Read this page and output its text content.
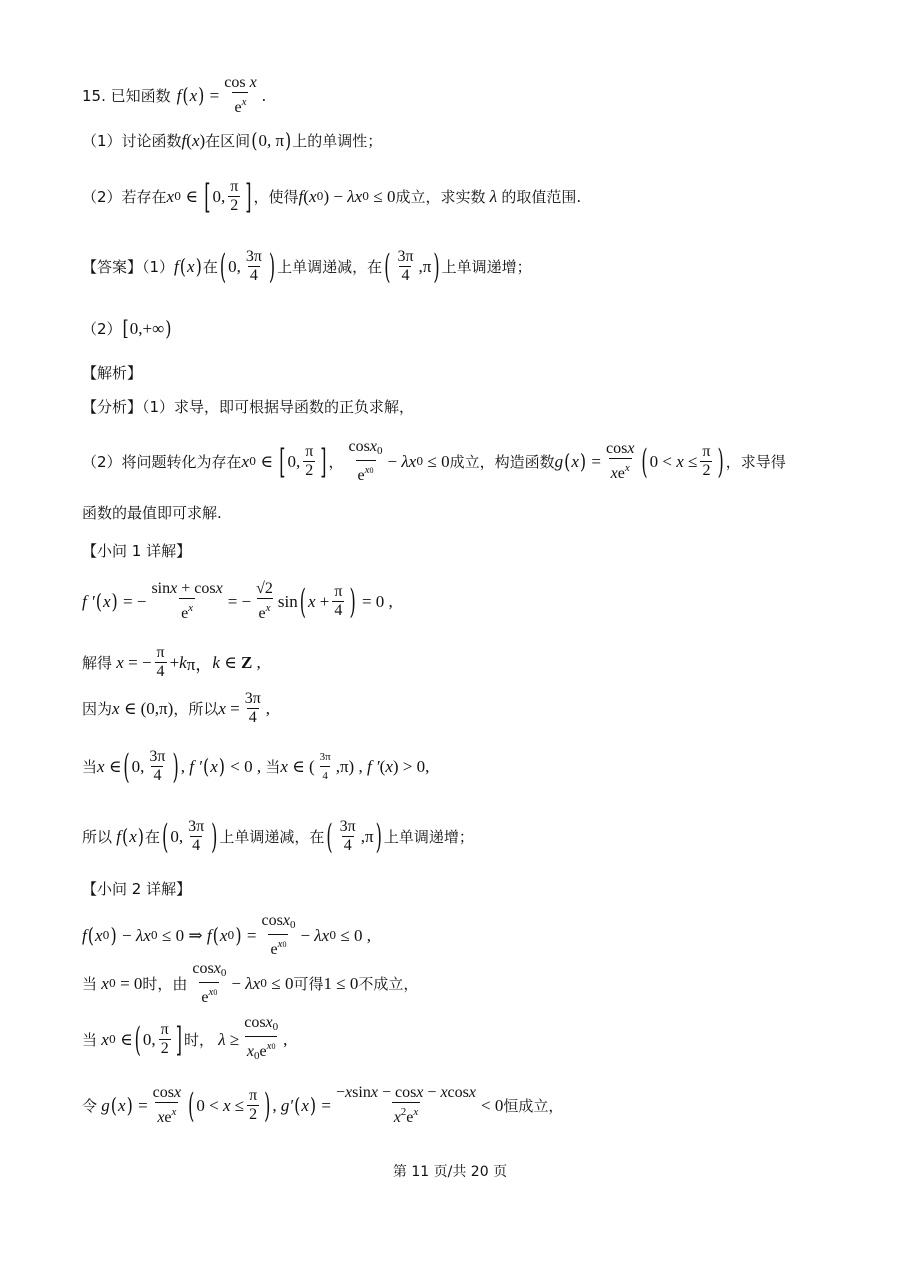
15. 已知函数 f ( x ) = $\frac{\text{cos x}}{e^x}$ .
（1）讨论函数 f ( x ) 在区间 ( 0, π ) 上的单调性；
（2）若存在 x 0 ∈ [ 0, $\frac{\pi}{2}$ ] ，使得 f ( x 0 ) − λx 0 ≤ 0 成立，求实数 λ 的取值范围.
【答案】（1） f ( x ) 在 ( 0, $\frac{3\pi}{4}$ ) 上单调递减，在 ( $\frac{3\pi}{4} ,\pi$ ) 上单调递增；
（2） [ 0,+∞ )
【解析】
【分析】（1）求导，即可根据导函数的正负求解，
（2）将问题转化为存在 x 0 ∈ [ 0, $\frac{\pi}{2}$ ] ， $\frac{\cos x_0}{e^{x0}} - \lambda x$ 0 ≤ 0 成立，构造函数 g ( x ) = $\frac{\cos x}{xe^x}$ ( $0 < x \le \frac{\pi}{2}$ ) ，求导得
函数的最值即可求解.
【小问 1 详解】
f ′ ( x ) = − $\frac{\sin x + \cos x}{e^x}$ = − $\frac{√2}{e^x}$ sin ( $x + \frac{\pi}{4}$ ) = 0 ,
解得 x = − $\frac{\pi}{4} + k$ π， k ∈ Z ,
因为 x ∈ (0,π) ，所以 $x = \frac{3\pi}{4}$ ,
当 x ∈ ( 0, $\frac{3\pi}{4}$ ) , f ′ ( x ) < 0 , 当 x ∈ ( $\frac{3\pi}{4} ,\pi$) , f ′ ( x ) > 0,
所以 f ( x ) 在 ( 0, $\frac{3\pi}{4}$ ) 上单调递减，在 ( $\frac{3\pi}{4} ,\pi$ ) 上单调递增；
【小问 2 详解】
f ( x 0 ) − λx 0 ≤ 0 ⇒ f ( x 0 ) = $\frac{\cos x_0}{e^{x0}} - \lambda x$ 0 ≤ 0 ,
当 x 0 = 0 时，由 $\frac{\cos x_0}{e^{x0}} - \lambda x$ 0 ≤ 0 可得 1 ≤ 0 不成立，
当 x 0 ∈ ( 0, $\frac{\pi}{2}$ ] 时， $\lambda \ge \frac{\cos x_0}{x_0e^{x0}}$ ,
令 g ( x ) = $\frac{\cos x}{xe^x}$ ( $0 < x \le \frac{\pi}{2}$ ) , g′ ( x ) = $\frac{-xsinx - \cos x - xcosx}{x^2e^x} < 0$ 恒成立，
第 11 页/共 20 页
